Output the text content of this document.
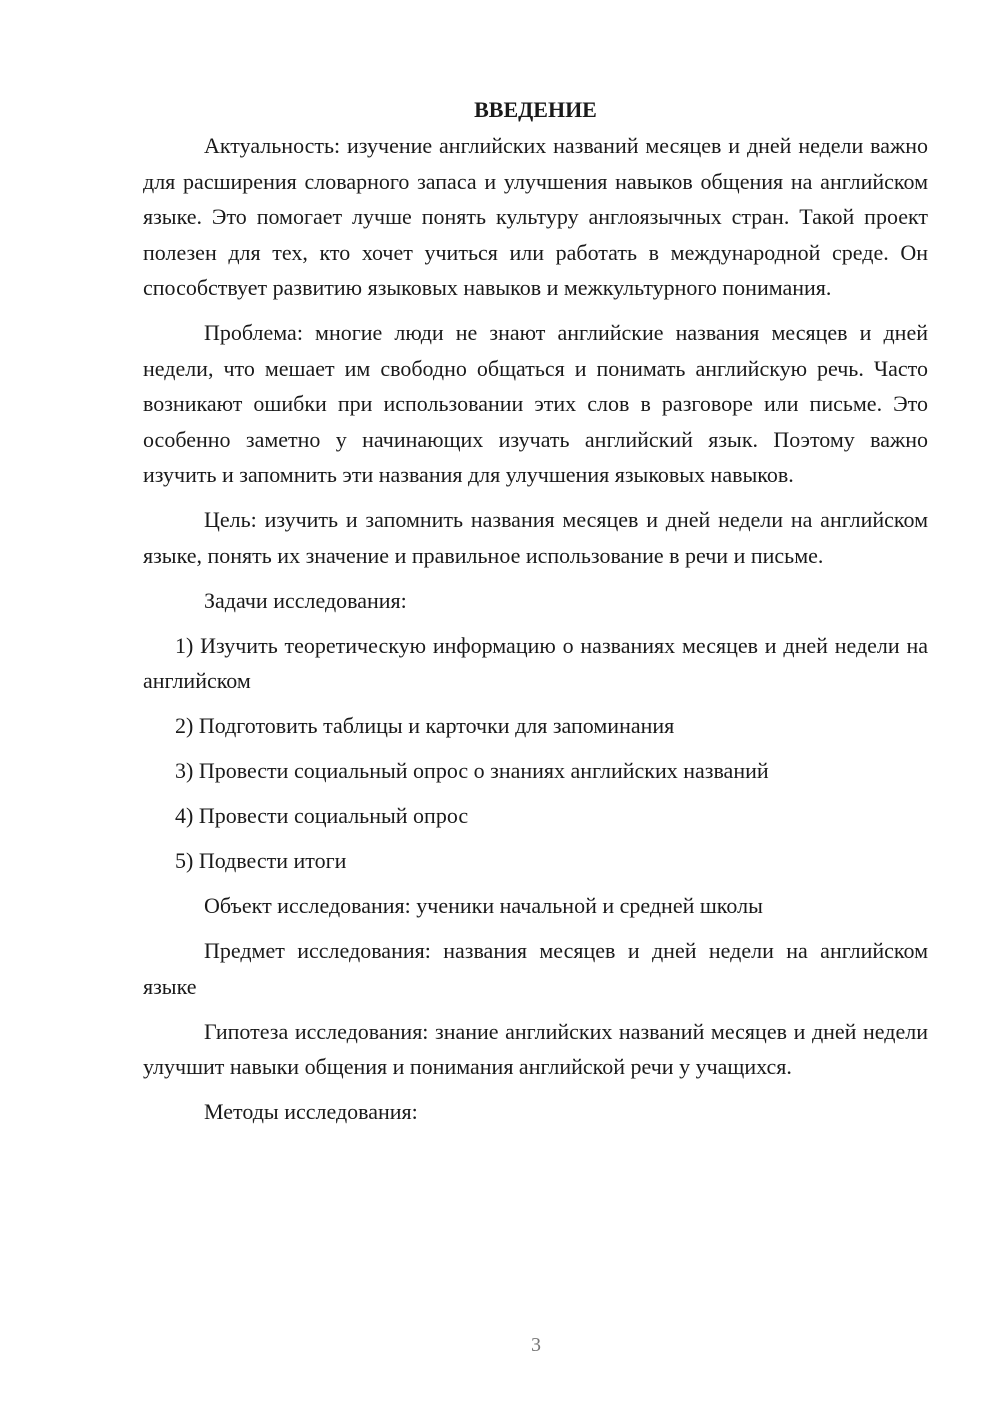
ВВЕДЕНИЕ

Актуальность: изучение английских названий месяцев и дней недели важно для расширения словарного запаса и улучшения навыков общения на английском языке. Это помогает лучше понять культуру англоязычных стран. Такой проект полезен для тех, кто хочет учиться или работать в международной среде. Он способствует развитию языковых навыков и межкультурного понимания.

Проблема: многие люди не знают английские названия месяцев и дней недели, что мешает им свободно общаться и понимать английскую речь. Часто возникают ошибки при использовании этих слов в разговоре или письме. Это особенно заметно у начинающих изучать английский язык. Поэтому важно изучить и запомнить эти названия для улучшения языковых навыков.

Цель: изучить и запомнить названия месяцев и дней недели на английском языке, понять их значение и правильное использование в речи и письме.

Задачи исследования:

1) Изучить теоретическую информацию о названиях месяцев и дней недели на английском

2) Подготовить таблицы и карточки для запоминания

3) Провести социальный опрос о знаниях английских названий

4) Провести социальный опрос

5) Подвести итоги

Объект исследования: ученики начальной и средней школы

Предмет исследования: названия месяцев и дней недели на английском языке

Гипотеза исследования: знание английских названий месяцев и дней недели улучшит навыки общения и понимания английской речи у учащихся.

Методы исследования:

3
